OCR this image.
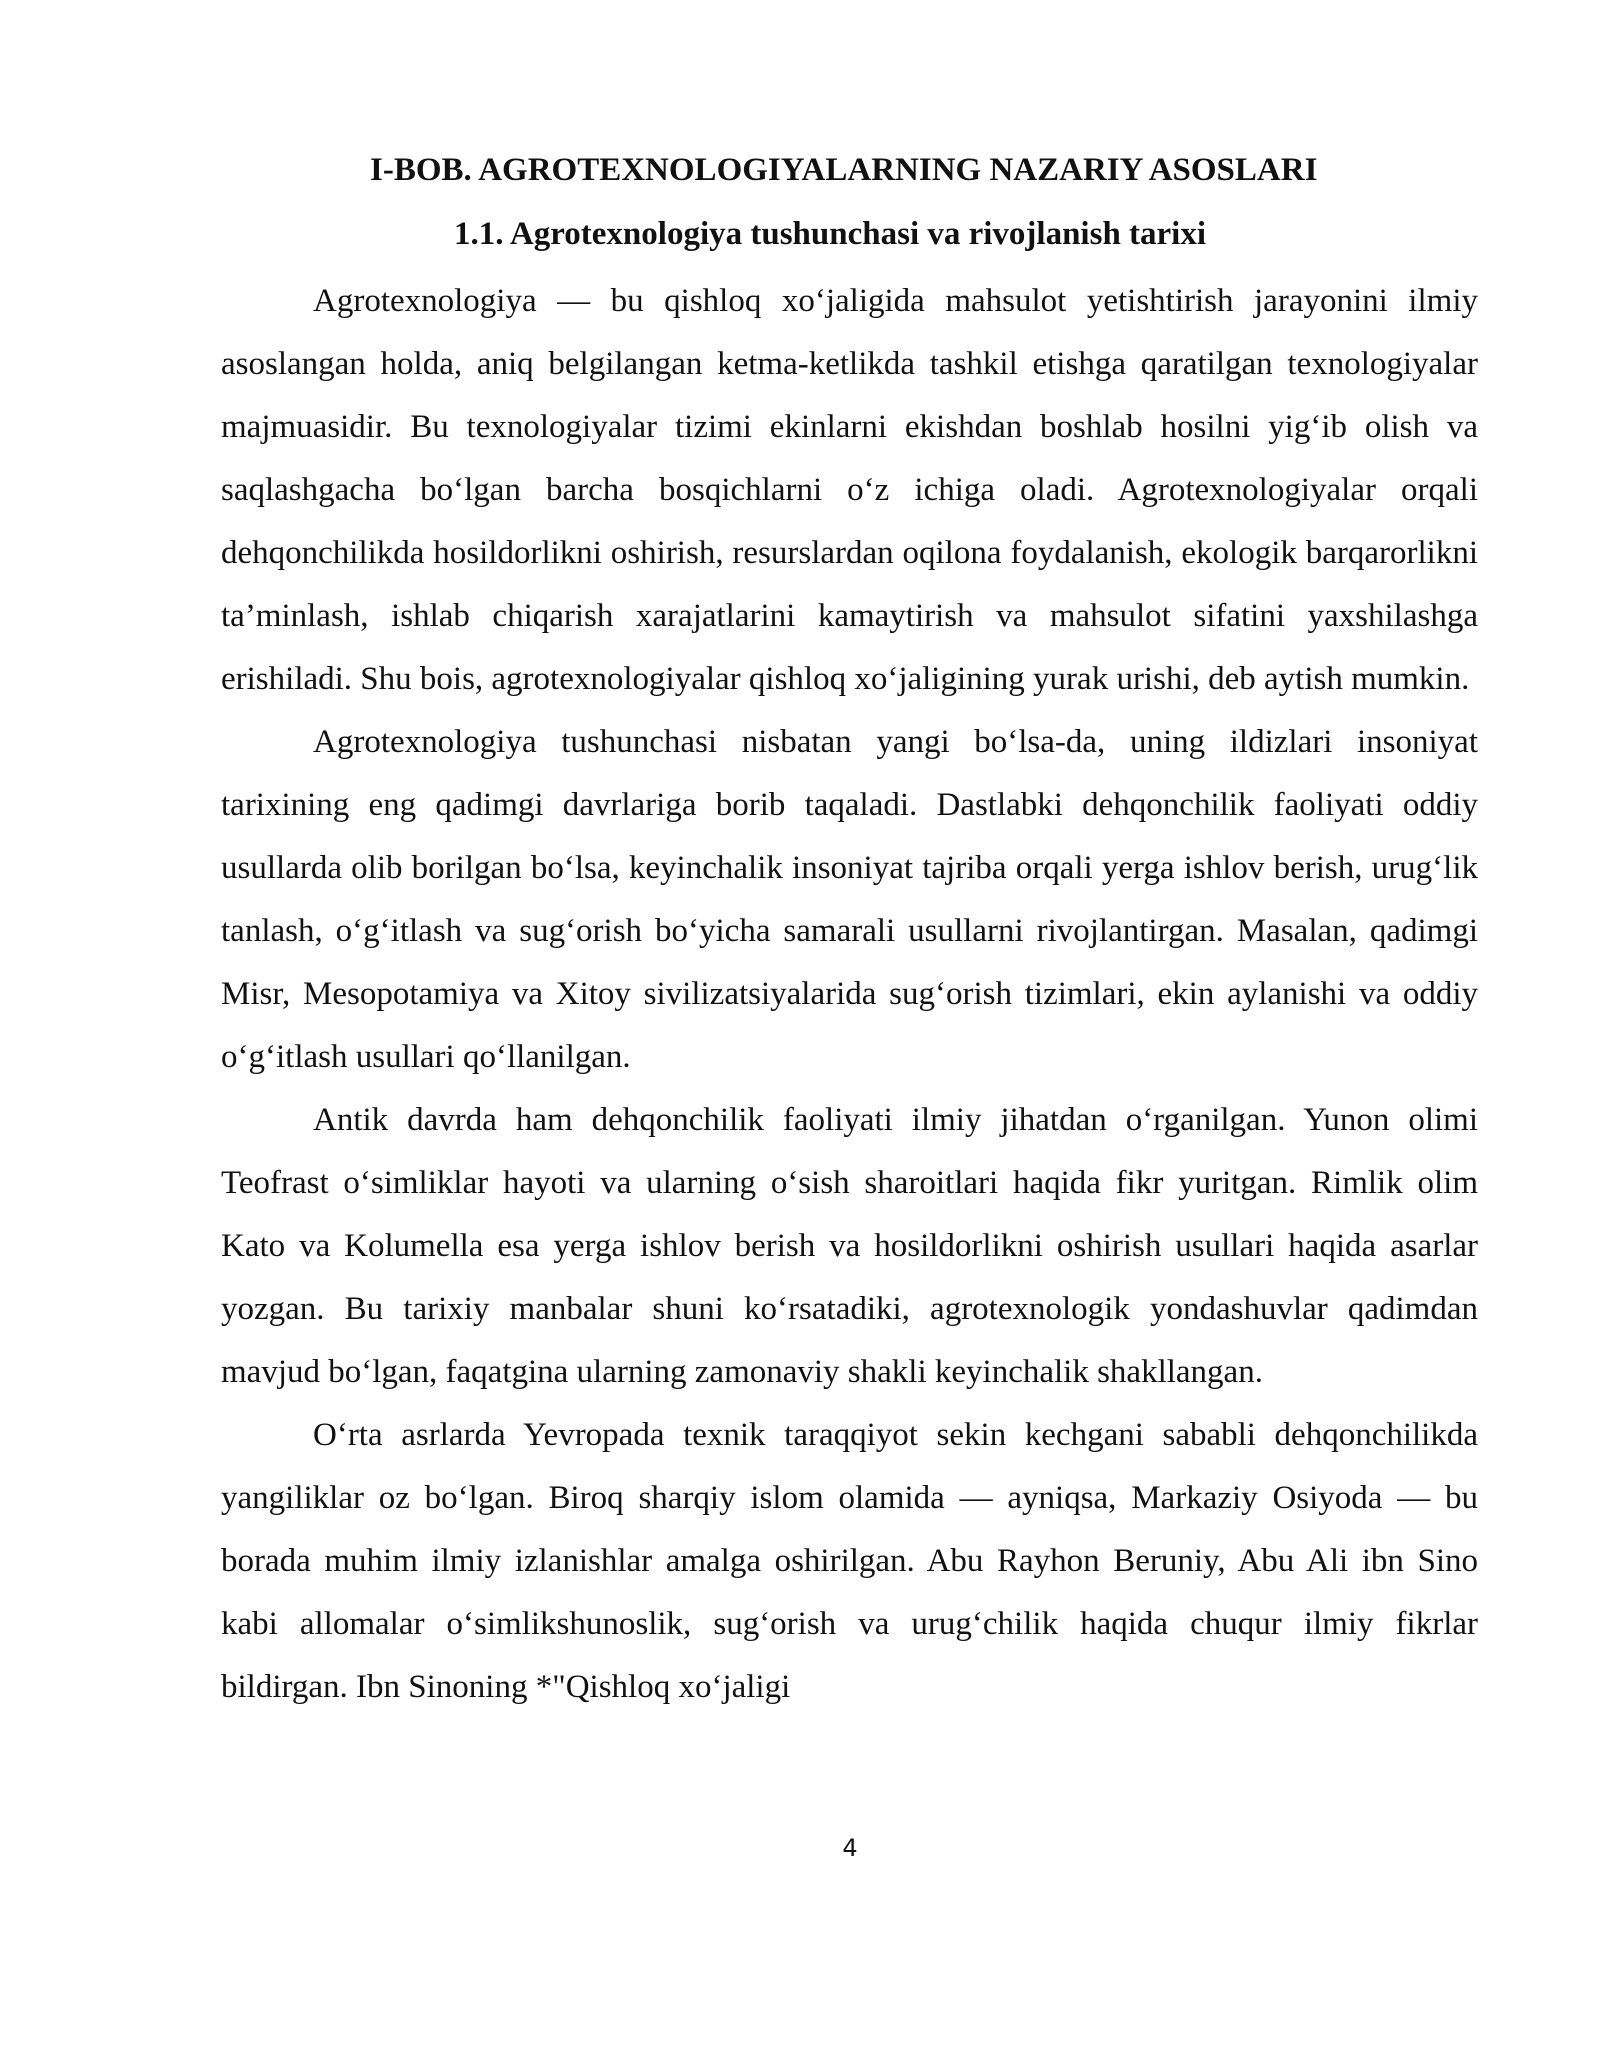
I-BOB. AGROTEXNOLOGIYALARNING NAZARIY ASOSLARI
1.1. Agrotexnologiya tushunchasi va rivojlanish tarixi

Agrotexnologiya — bu qishloq xo‘jaligida mahsulot yetishtirish jarayonini ilmiy asoslangan holda, aniq belgilangan ketma-ketlikda tashkil etishga qaratilgan texnologiyalar majmuasidir. Bu texnologiyalar tizimi ekinlarni ekishdan boshlab hosilni yig‘ib olish va saqlashgacha bo‘lgan barcha bosqichlarni o‘z ichiga oladi. Agrotexnologiyalar orqali dehqonchilikda hosildorlikni oshirish, resurslardan oqilona foydalanish, ekologik barqarorlikni ta’minlash, ishlab chiqarish xarajatlarini kamaytirish va mahsulot sifatini yaxshilashga erishiladi. Shu bois, agrotexnologiyalar qishloq xo‘jaligining yurak urishi, deb aytish mumkin.

Agrotexnologiya tushunchasi nisbatan yangi bo‘lsa-da, uning ildizlari insoniyat tarixining eng qadimgi davrlariga borib taqaladi. Dastlabki dehqonchilik faoliyati oddiy usullarda olib borilgan bo‘lsa, keyinchalik insoniyat tajriba orqali yerga ishlov berish, urug‘lik tanlash, o‘g‘itlash va sug‘orish bo‘yicha samarali usullarni rivojlantirgan. Masalan, qadimgi Misr, Mesopotamiya va Xitoy sivilizatsiyalarida sug‘orish tizimlari, ekin aylanishi va oddiy o‘g‘itlash usullari qo‘llanilgan.

Antik davrda ham dehqonchilik faoliyati ilmiy jihatdan o‘rganilgan. Yunon olimi Teofrast o‘simliklar hayoti va ularning o‘sish sharoitlari haqida fikr yuritgan. Rimlik olim Kato va Kolumella esa yerga ishlov berish va hosildorlikni oshirish usullari haqida asarlar yozgan. Bu tarixiy manbalar shuni ko‘rsatadiki, agrotexnologik yondashuvlar qadimdan mavjud bo‘lgan, faqatgina ularning zamonaviy shakli keyinchalik shakllangan.

O‘rta asrlarda Yevropada texnik taraqqiyot sekin kechgani sababli dehqonchilikda yangiliklar oz bo‘lgan. Biroq sharqiy islom olamida — ayniqsa, Markaziy Osiyoda — bu borada muhim ilmiy izlanishlar amalga oshirilgan. Abu Rayhon Beruniy, Abu Ali ibn Sino kabi allomalar o‘simlikshunoslik, sug‘orish va urug‘chilik haqida chuqur ilmiy fikrlar bildirgan. Ibn Sinoning *"Qishloq xo‘jaligi

4
